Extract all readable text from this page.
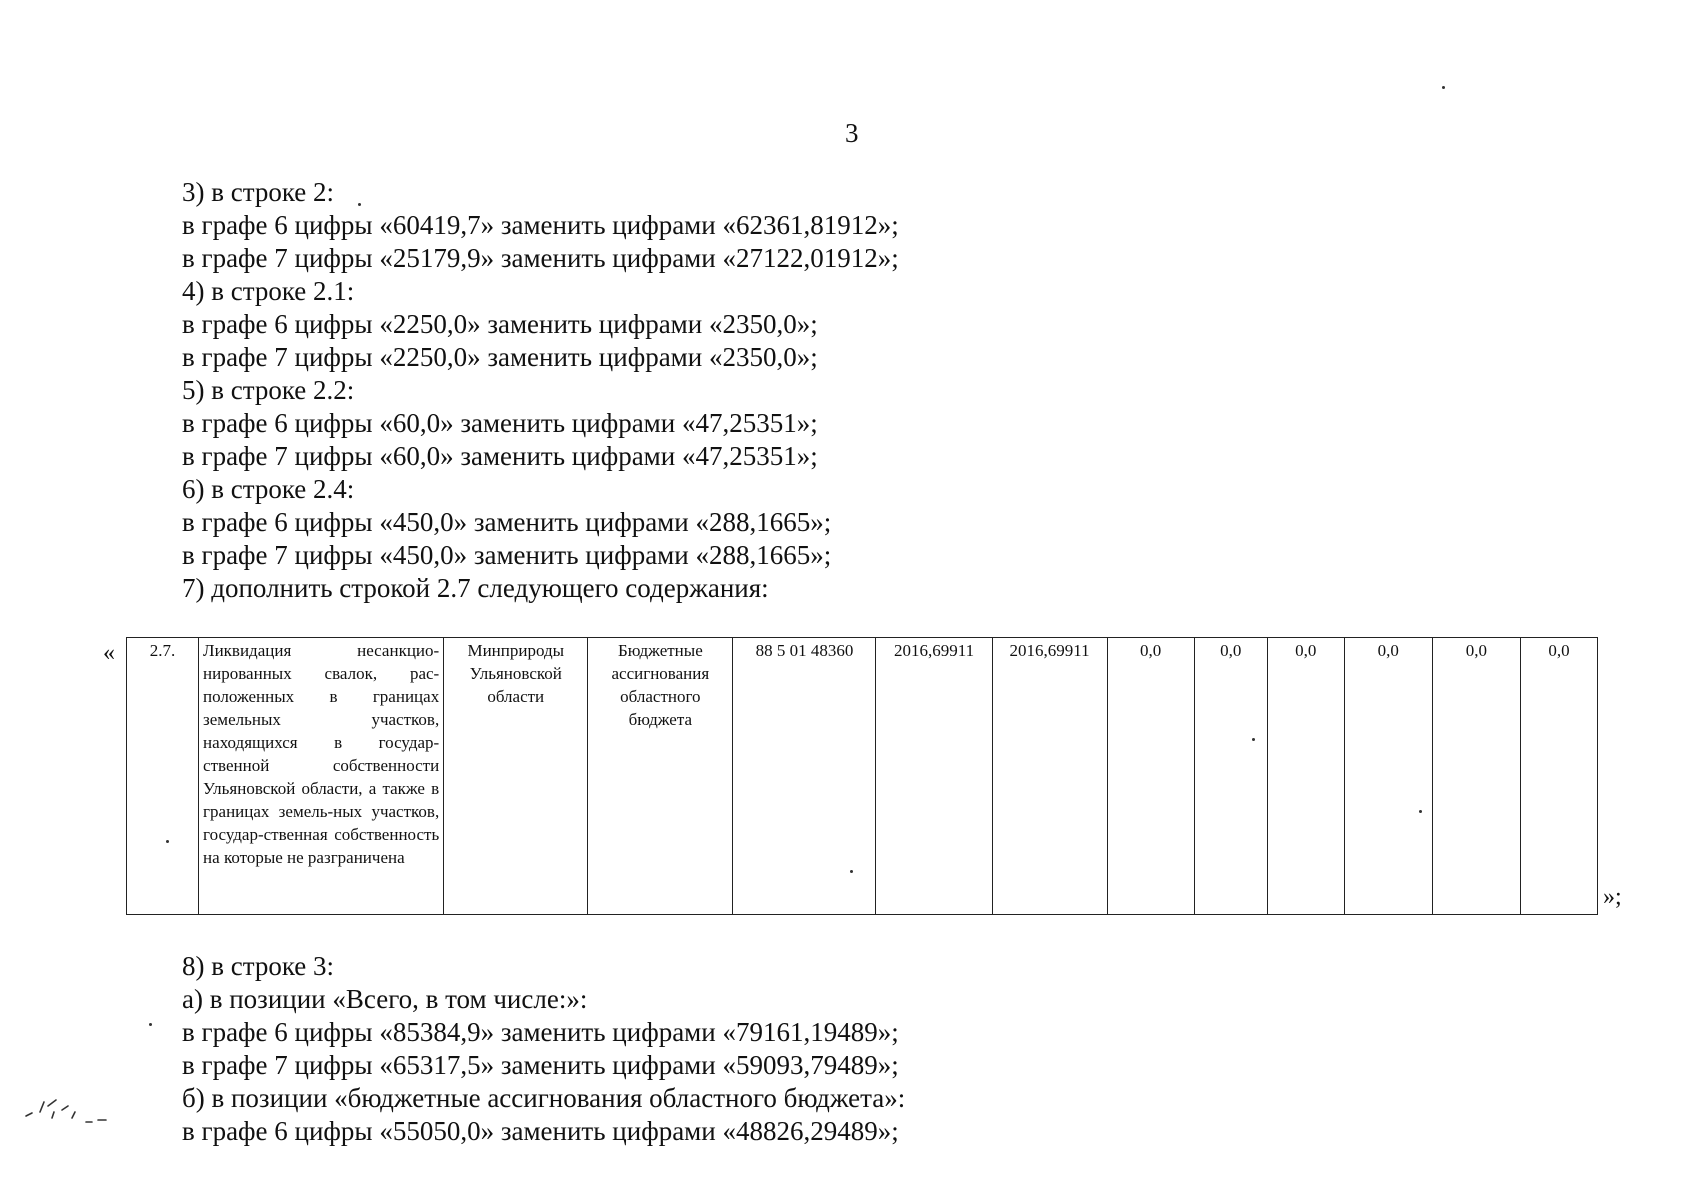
3
3) в строке 2:
в графе 6 цифры «60419,7» заменить цифрами «62361,81912»;
в графе 7 цифры «25179,9» заменить цифрами «27122,01912»;
4) в строке 2.1:
в графе 6 цифры «2250,0» заменить цифрами «2350,0»;
в графе 7 цифры «2250,0» заменить цифрами «2350,0»;
5) в строке 2.2:
в графе 6 цифры «60,0» заменить цифрами «47,25351»;
в графе 7 цифры «60,0» заменить цифрами «47,25351»;
6) в строке 2.4:
в графе 6 цифры «450,0» заменить цифрами «288,1665»;
в графе 7 цифры «450,0» заменить цифрами «288,1665»;
7) дополнить строкой 2.7 следующего содержания:
« 2.7.	Ликвидация несанкцио-нированных свалок, рас-положенных в границах земельных участков, находящихся в государ-ственной собственности Ульяновской области, а также в границах земель-ных участков, государ-ственная собственность на которые не разграничена	Минприроды Ульяновской области	Бюджетные ассигнования областного бюджета	88 5 01 48360	2016,69911	2016,69911	0,0	0,0	0,0	0,0	0,0	0,0
»;
8) в строке 3:
а) в позиции «Всего, в том числе:»:
в графе 6 цифры «85384,9» заменить цифрами «79161,19489»;
в графе 7 цифры «65317,5» заменить цифрами «59093,79489»;
б) в позиции «бюджетные ассигнования областного бюджета»:
в графе 6 цифры «55050,0» заменить цифрами «48826,29489»;
